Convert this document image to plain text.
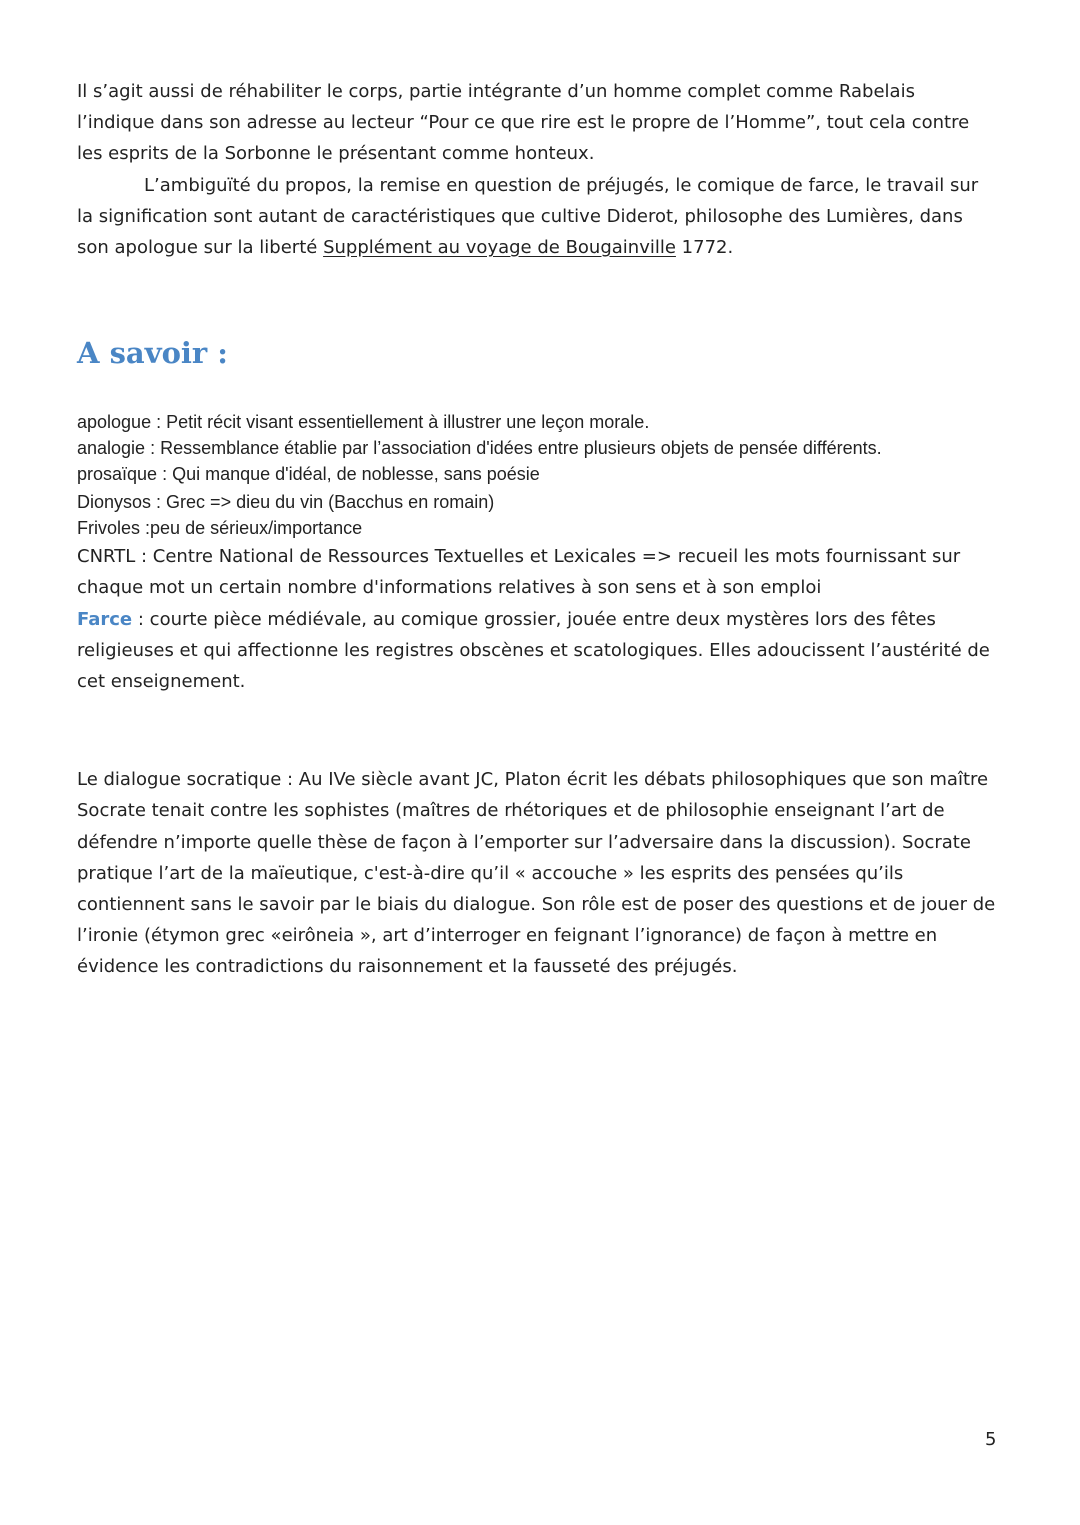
Il s’agit aussi de réhabiliter le corps, partie intégrante d’un homme complet comme Rabelais l’indique dans son adresse au lecteur “Pour ce que rire est le propre de l’Homme”, tout cela contre les esprits de la Sorbonne le présentant comme honteux.

L’ambiguïté du propos, la remise en question de préjugés, le comique de farce, le travail sur la signification sont autant de caractéristiques que cultive Diderot, philosophe des Lumières, dans son apologue sur la liberté Supplément au voyage de Bougainville 1772.

A savoir :

apologue : Petit récit visant essentiellement à illustrer une leçon morale.

analogie : Ressemblance établie par l’association d'idées entre plusieurs objets de pensée différents.

prosaïque : Qui manque d'idéal, de noblesse, sans poésie

Dionysos : Grec => dieu du vin (Bacchus en romain)

Frivoles :peu de sérieux/importance

CNRTL : Centre National de Ressources Textuelles et Lexicales => recueil les mots fournissant sur chaque mot un certain nombre d'informations relatives à son sens et à son emploi

Farce : courte pièce médiévale, au comique grossier, jouée entre deux mystères lors des fêtes religieuses et qui affectionne les registres obscènes et scatologiques. Elles adoucissent l’austérité de cet enseignement.

Le dialogue socratique : Au IVe siècle avant JC, Platon écrit les débats philosophiques que son maître Socrate tenait contre les sophistes (maîtres de rhétoriques et de philosophie enseignant l’art de défendre n’importe quelle thèse de façon à l’emporter sur l’adversaire dans la discussion). Socrate pratique l’art de la maïeutique, c'est-à-dire qu’il « accouche » les esprits des pensées qu’ils contiennent sans le savoir par le biais du dialogue. Son rôle est de poser des questions et de jouer de l’ironie (étymon grec «eirôneia », art d’interroger en feignant l’ignorance) de façon à mettre en évidence les contradictions du raisonnement et la fausseté des préjugés.

5
